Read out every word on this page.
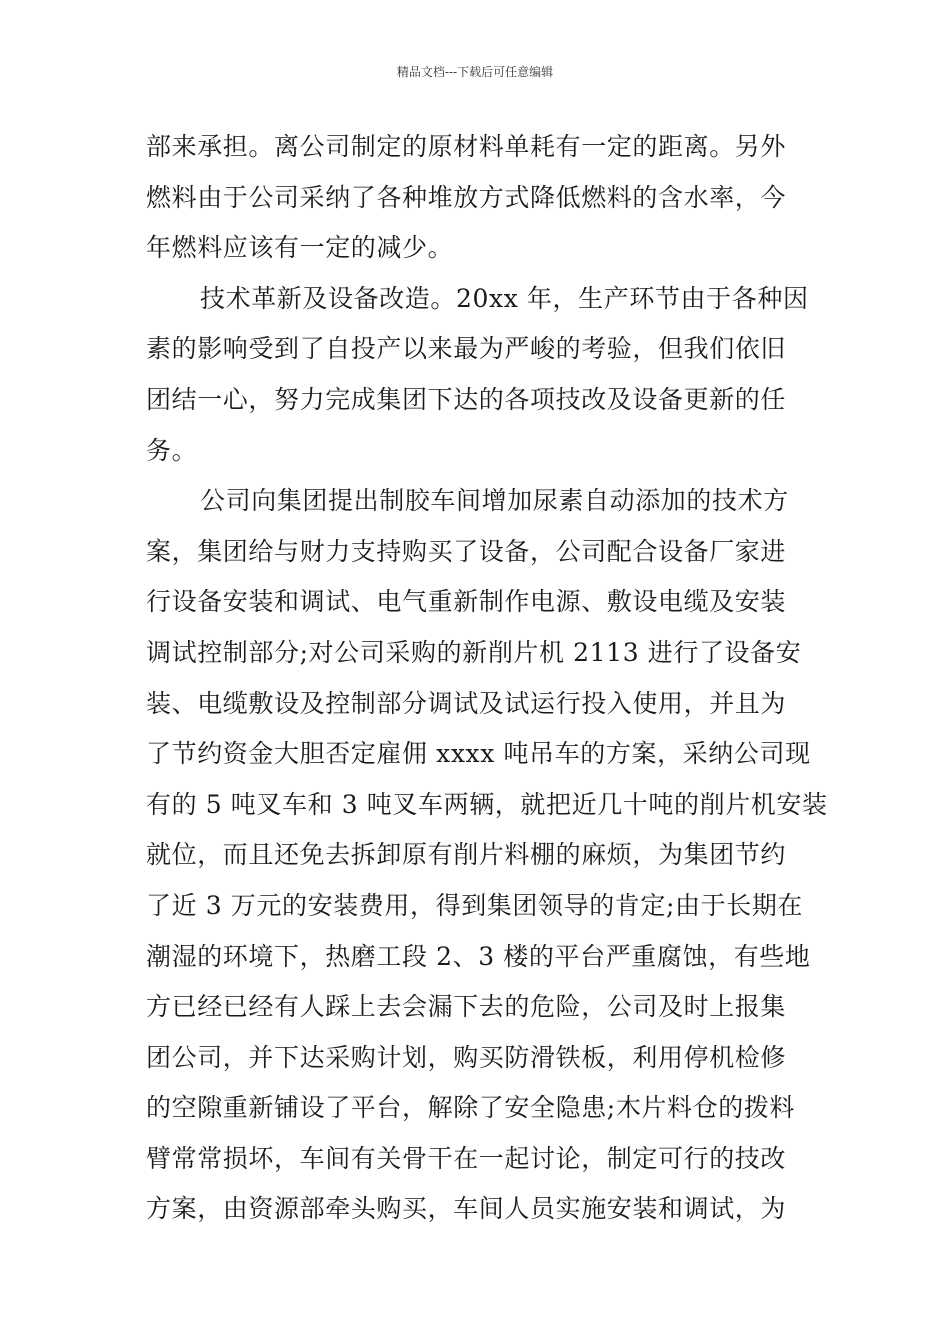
精品文档---下载后可任意编辑
部来承担。离公司制定的原材料单耗有一定的距离。另外
燃料由于公司采纳了各种堆放方式降低燃料的含水率，今
年燃料应该有一定的减少。
技术革新及设备改造。20xx 年，生产环节由于各种因
素的影响受到了自投产以来最为严峻的考验，但我们依旧
团结一心，努力完成集团下达的各项技改及设备更新的任
务。
公司向集团提出制胶车间增加尿素自动添加的技术方
案，集团给与财力支持购买了设备，公司配合设备厂家进
行设备安装和调试、电气重新制作电源、敷设电缆及安装
调试控制部分;对公司采购的新削片机 2113 进行了设备安
装、电缆敷设及控制部分调试及试运行投入使用，并且为
了节约资金大胆否定雇佣 xxxx 吨吊车的方案，采纳公司现
有的 5 吨叉车和 3 吨叉车两辆，就把近几十吨的削片机安装
就位，而且还免去拆卸原有削片料棚的麻烦，为集团节约
了近 3 万元的安装费用，得到集团领导的肯定;由于长期在
潮湿的环境下，热磨工段 2、3 楼的平台严重腐蚀，有些地
方已经已经有人踩上去会漏下去的危险，公司及时上报集
团公司，并下达采购计划，购买防滑铁板，利用停机检修
的空隙重新铺设了平台，解除了安全隐患;木片料仓的拨料
臂常常损坏，车间有关骨干在一起讨论，制定可行的技改
方案，由资源部牵头购买，车间人员实施安装和调试，为
